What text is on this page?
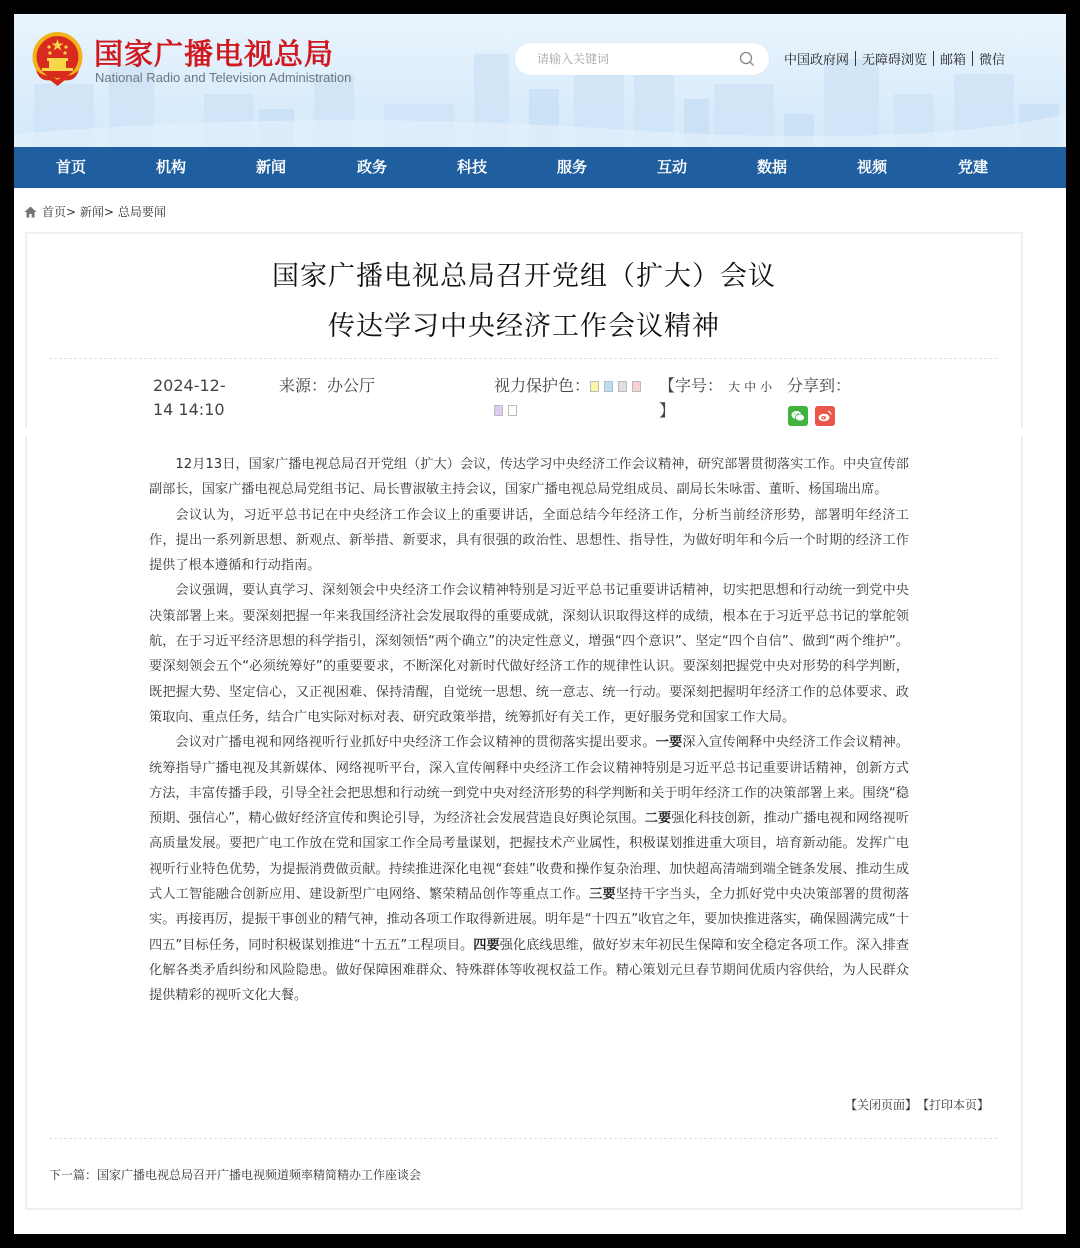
国家广播电视总局
National Radio and Television Administration
请输入关键词
中国政府网 无障碍浏览 邮箱 微信
首页	机构	新闻	政务	科技	服务	互动	数据	视频	党建
首页 >
新闻 >
总局要闻
国家广播电视总局召开党组（扩大）会议
传达学习中央经济工作会议精神
2024-12-
14 14:10
来源：办公厅	视力保护色：	【字号： 大 中 小
】
分享到：

12月13日，国家广播电视总局召开党组（扩大）会议，传达学习中央经济工作会议精神，研究部署贯彻落实工作。中央宣传部副部长，国家广播电视总局党组书记、局长曹淑敏主持会议，国家广播电视总局党组成员、副局长朱咏雷、董昕、杨国瑞出席。

会议认为，习近平总书记在中央经济工作会议上的重要讲话，全面总结今年经济工作，分析当前经济形势，部署明年经济工作，提出一系列新思想、新观点、新举措、新要求，具有很强的政治性、思想性、指导性，为做好明年和今后一个时期的经济工作提供了根本遵循和行动指南。

会议强调，要认真学习、深刻领会中央经济工作会议精神特别是习近平总书记重要讲话精神，切实把思想和行动统一到党中央决策部署上来。要深刻把握一年来我国经济社会发展取得的重要成就，深刻认识取得这样的成绩，根本在于习近平总书记的掌舵领航，在于习近平经济思想的科学指引，深刻领悟“两个确立”的决定性意义，增强“四个意识”、坚定“四个自信”、做到“两个维护”。要深刻领会五个“必须统筹好”的重要要求，不断深化对新时代做好经济工作的规律性认识。要深刻把握党中央对形势的科学判断，既把握大势、坚定信心，又正视困难、保持清醒，自觉统一思想、统一意志、统一行动。要深刻把握明年经济工作的总体要求、政策取向、重点任务，结合广电实际对标对表、研究政策举措，统筹抓好有关工作，更好服务党和国家工作大局。

会议对广播电视和网络视听行业抓好中央经济工作会议精神的贯彻落实提出要求。一要深入宣传阐释中央经济工作会议精神。统筹指导广播电视及其新媒体、网络视听平台，深入宣传阐释中央经济工作会议精神特别是习近平总书记重要讲话精神，创新方式方法，丰富传播手段，引导全社会把思想和行动统一到党中央对经济形势的科学判断和关于明年经济工作的决策部署上来。围绕“稳预期、强信心”，精心做好经济宣传和舆论引导，为经济社会发展营造良好舆论氛围。二要强化科技创新，推动广播电视和网络视听高质量发展。要把广电工作放在党和国家工作全局考量谋划，把握技术产业属性，积极谋划推进重大项目，培育新动能。发挥广电视听行业特色优势，为提振消费做贡献。持续推进深化电视“套娃”收费和操作复杂治理、加快超高清端到端全链条发展、推动生成式人工智能融合创新应用、建设新型广电网络、繁荣精品创作等重点工作。三要坚持干字当头，全力抓好党中央决策部署的贯彻落实。再接再厉，提振干事创业的精气神，推动各项工作取得新进展。明年是“十四五”收官之年，要加快推进落实，确保圆满完成“十四五”目标任务，同时积极谋划推进“十五五”工程项目。四要强化底线思维，做好岁末年初民生保障和安全稳定各项工作。深入排查化解各类矛盾纠纷和风险隐患。做好保障困难群众、特殊群体等收视权益工作。精心策划元旦春节期间优质内容供给，为人民群众提供精彩的视听文化大餐。

【关闭页面】 【打印本页】
下一篇：国家广播电视总局召开广播电视频道频率精简精办工作座谈会
